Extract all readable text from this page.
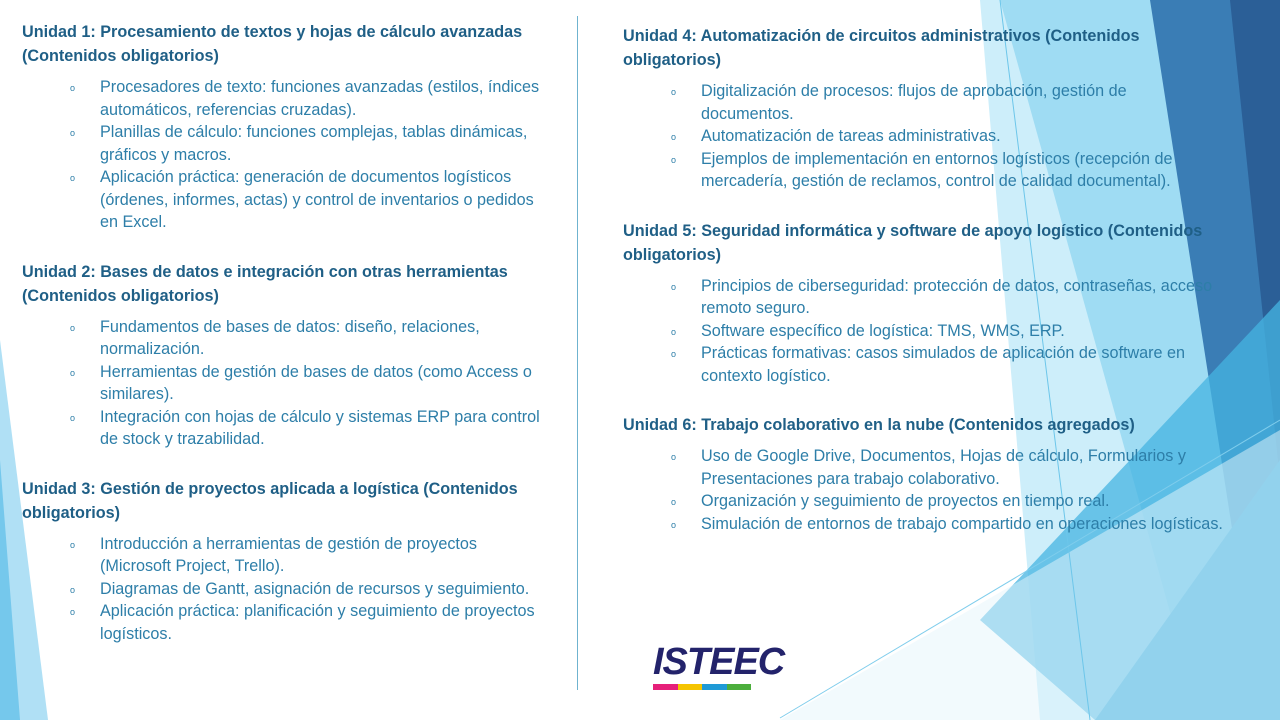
Unidad 1: Procesamiento de textos y hojas de cálculo avanzadas (Contenidos obligatorios)
o Procesadores de texto: funciones avanzadas (estilos, índices automáticos, referencias cruzadas).
o Planillas de cálculo: funciones complejas, tablas dinámicas, gráficos y macros.
o Aplicación práctica: generación de documentos logísticos (órdenes, informes, actas) y control de inventarios o pedidos en Excel.
Unidad 2: Bases de datos e integración con otras herramientas (Contenidos obligatorios)
o Fundamentos de bases de datos: diseño, relaciones, normalización.
o Herramientas de gestión de bases de datos (como Access o similares).
o Integración con hojas de cálculo y sistemas ERP para control de stock y trazabilidad.
Unidad 3: Gestión de proyectos aplicada a logística (Contenidos obligatorios)
o Introducción a herramientas de gestión de proyectos (Microsoft Project, Trello).
o Diagramas de Gantt, asignación de recursos y seguimiento.
o Aplicación práctica: planificación y seguimiento de proyectos logísticos.
Unidad 4: Automatización de circuitos administrativos (Contenidos obligatorios)
o Digitalización de procesos: flujos de aprobación, gestión de documentos.
o Automatización de tareas administrativas.
o Ejemplos de implementación en entornos logísticos (recepción de mercadería, gestión de reclamos, control de calidad documental).
Unidad 5: Seguridad informática y software de apoyo logístico (Contenidos obligatorios)
o Principios de ciberseguridad: protección de datos, contraseñas, acceso remoto seguro.
o Software específico de logística: TMS, WMS, ERP.
o Prácticas formativas: casos simulados de aplicación de software en contexto logístico.
Unidad 6: Trabajo colaborativo en la nube (Contenidos agregados)
o Uso de Google Drive, Documentos, Hojas de cálculo, Formularios y Presentaciones para trabajo colaborativo.
o Organización y seguimiento de proyectos en tiempo real.
o Simulación de entornos de trabajo compartido en operaciones logísticas.
ISTEEC
